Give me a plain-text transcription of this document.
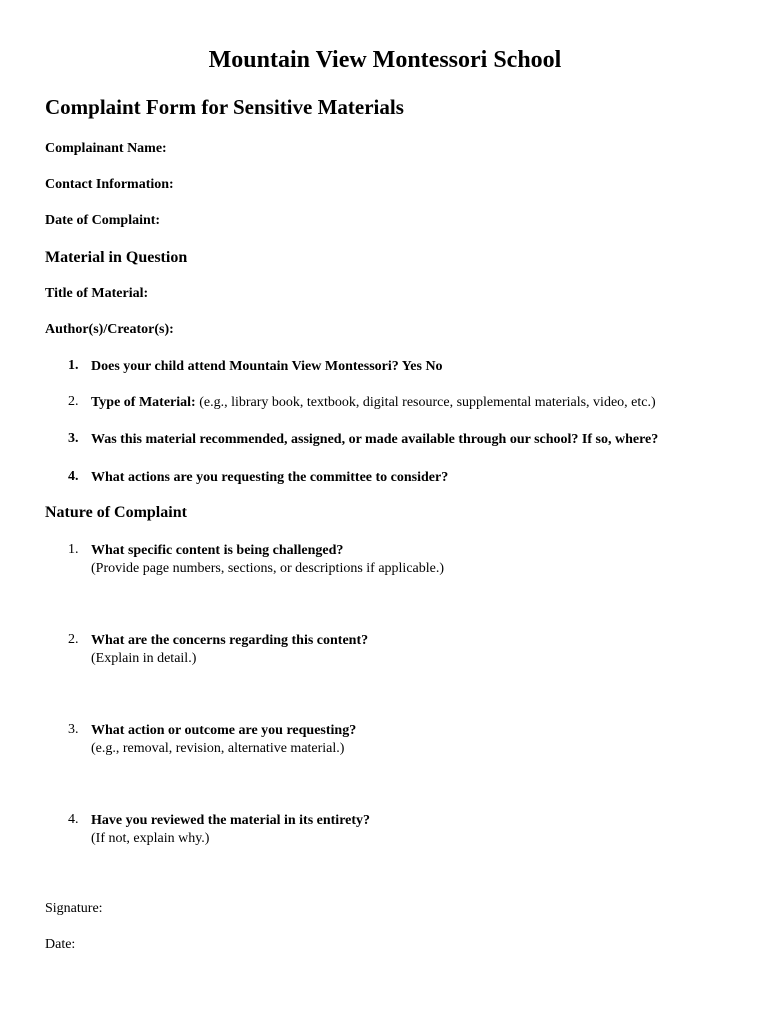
Mountain View Montessori School
Complaint Form for Sensitive Materials
Complainant Name:
Contact Information:
Date of Complaint:
Material in Question
Title of Material:
Author(s)/Creator(s):
1. Does your child attend Mountain View Montessori? Yes No
2. Type of Material: (e.g., library book, textbook, digital resource, supplemental materials, video, etc.)
3. Was this material recommended, assigned, or made available through our school? If so, where?
4. What actions are you requesting the committee to consider?
Nature of Complaint
1. What specific content is being challenged?
(Provide page numbers, sections, or descriptions if applicable.)
2. What are the concerns regarding this content?
(Explain in detail.)
3. What action or outcome are you requesting?
(e.g., removal, revision, alternative material.)
4. Have you reviewed the material in its entirety?
(If not, explain why.)
Signature:
Date:
